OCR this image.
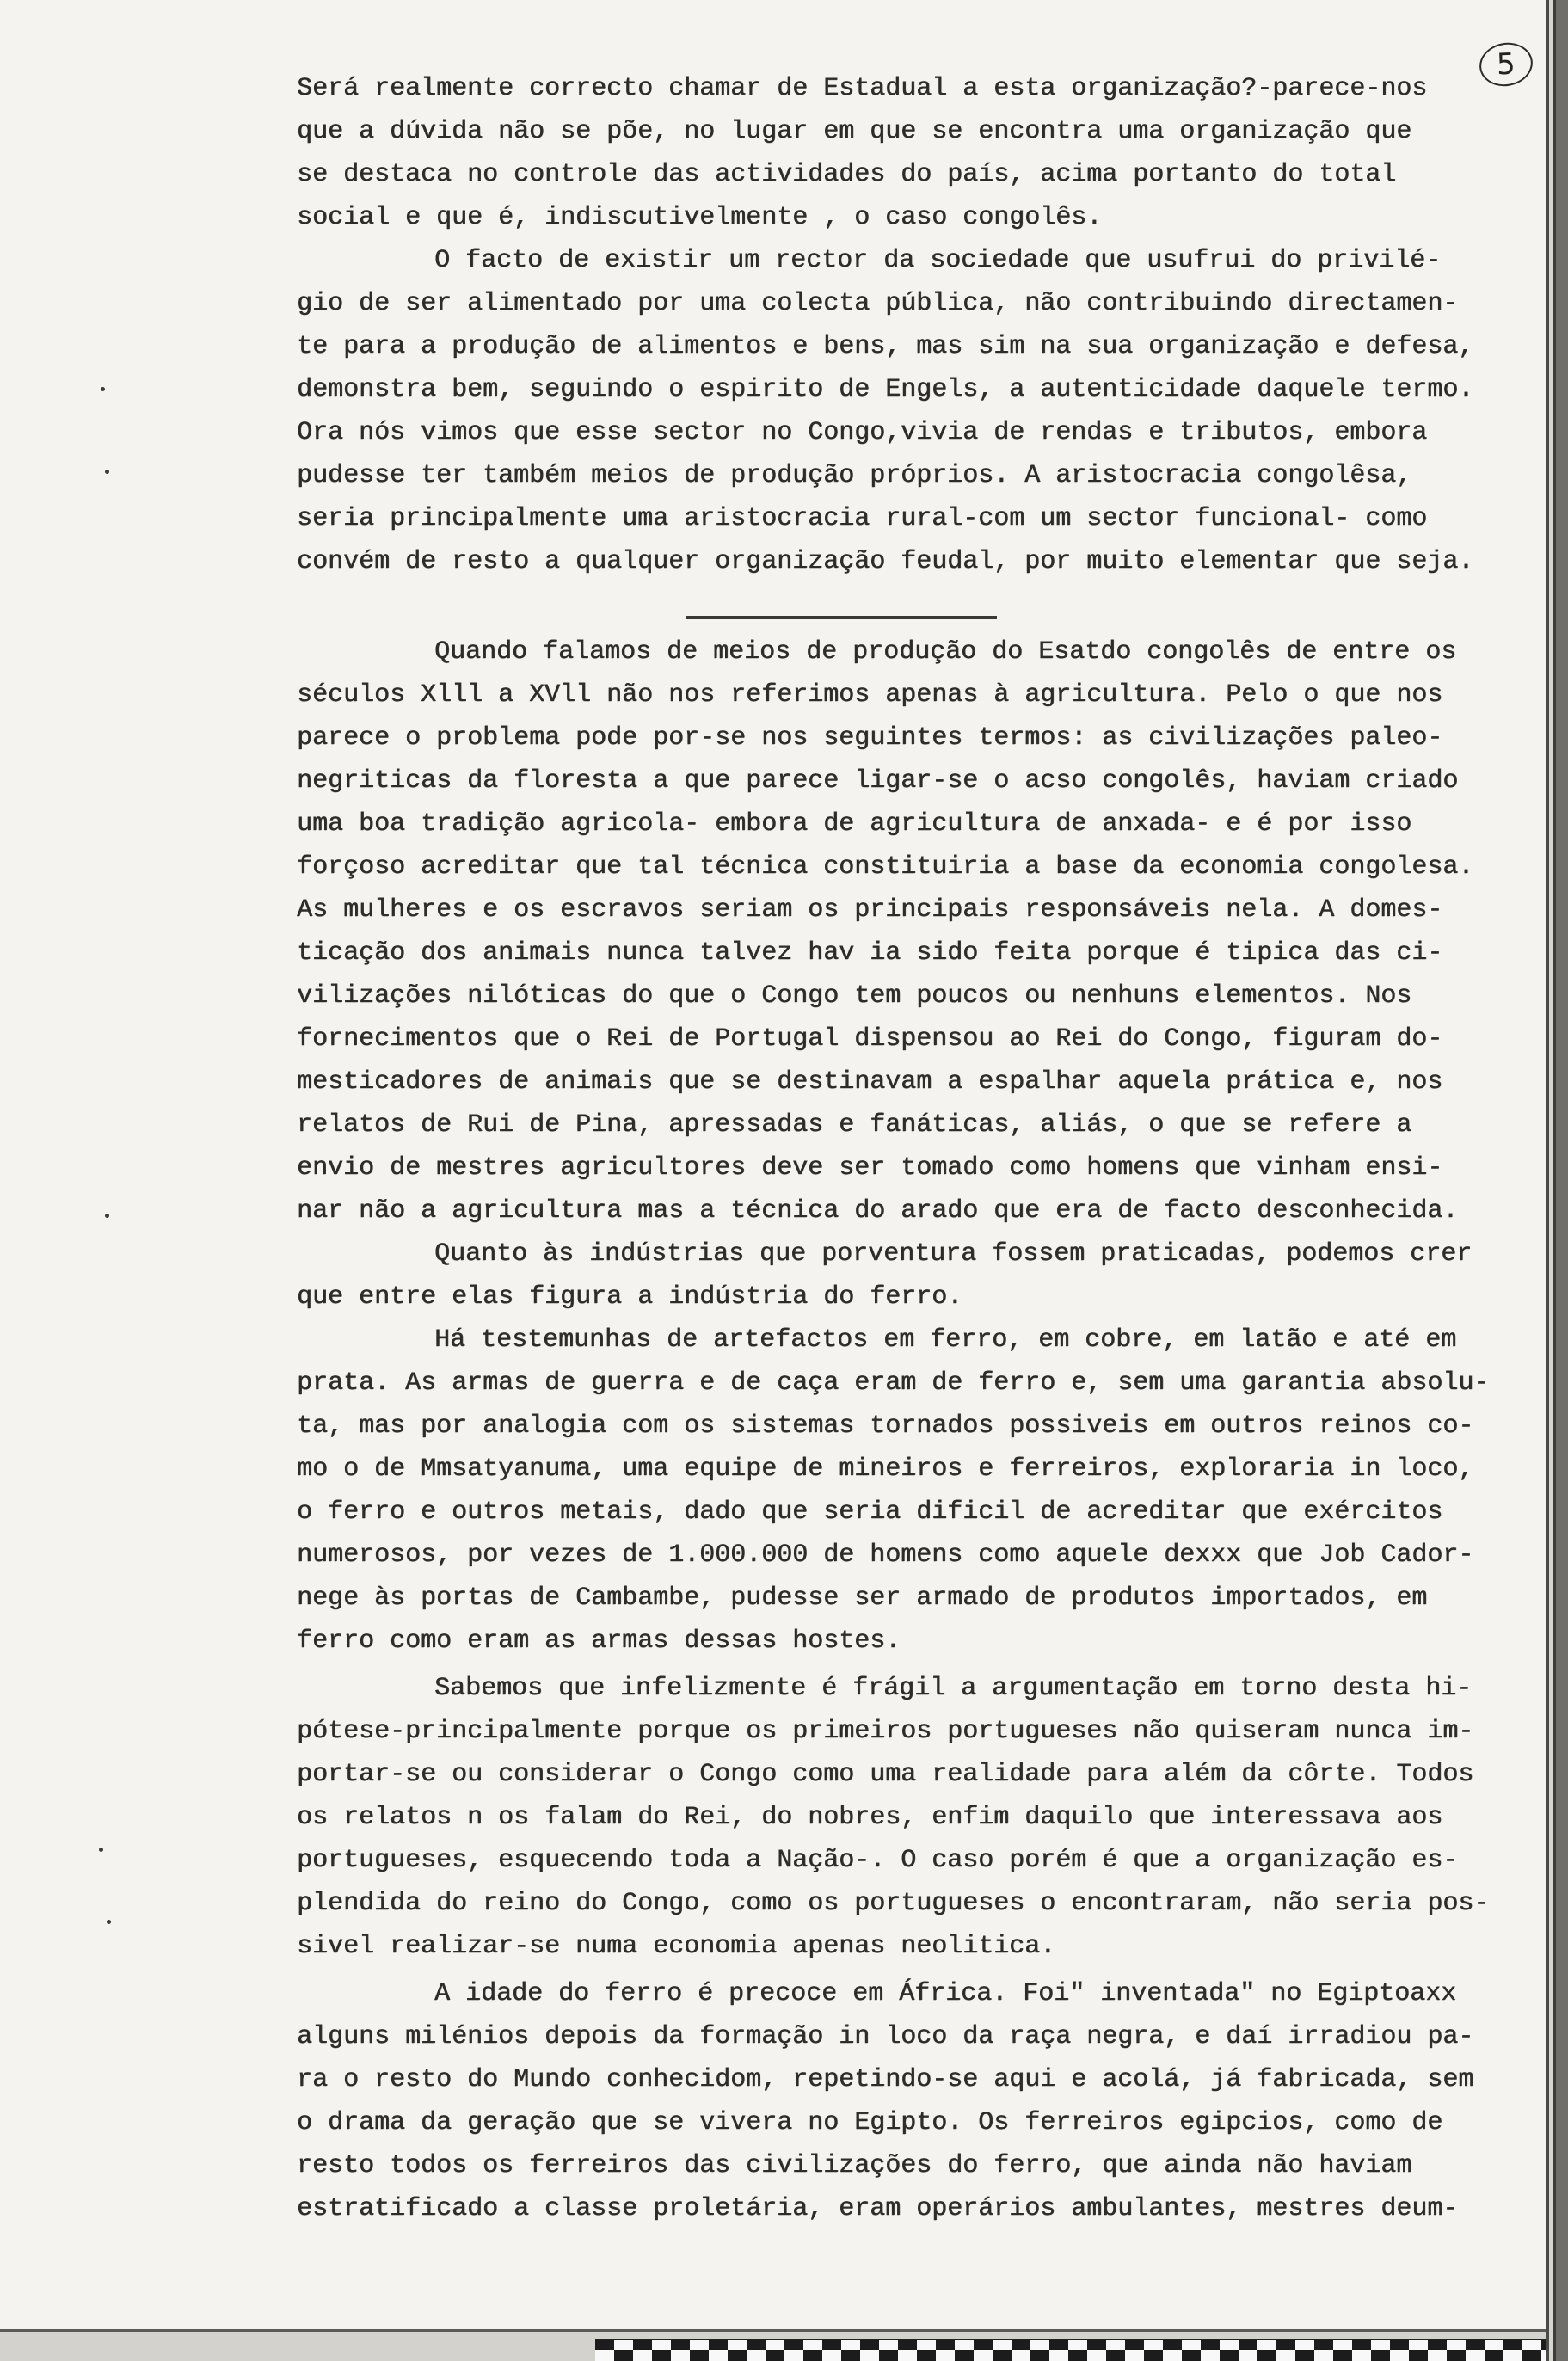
5
Será realmente correcto chamar de Estadual a esta organização?-parece-nos
que a dúvida não se põe, no lugar em que se encontra uma organização que
se destaca no controle das actividades do país, acima portanto do total
social e que é, indiscutivelmente , o caso congolês.
O facto de existir um rector da sociedade que usufrui do privilé-
gio de ser alimentado por uma colecta pública, não contribuindo directamen-
te para a produção de alimentos e bens, mas sim na sua organização e defesa,
demonstra bem, seguindo o espirito de Engels, a autenticidade daquele termo.
Ora nós vimos que esse sector no Congo,vivia de rendas e tributos, embora
pudesse ter também meios de produção próprios. A aristocracia congolêsa,
seria principalmente uma aristocracia rural-com um sector funcional- como
convém de resto a qualquer organização feudal, por muito elementar que seja.
Quando falamos de meios de produção do Esatdo congolês de entre os
séculos Xlll a XVll não nos referimos apenas à agricultura. Pelo o que nos
parece o problema pode por-se nos seguintes termos: as civilizações paleo-
negriticas da floresta a que parece ligar-se o acso congolês, haviam criado
uma boa tradição agricola- embora de agricultura de anxada- e é por isso
forçoso acreditar que tal técnica constituiria a base da economia congolesa.
As mulheres e os escravos seriam os principais responsáveis nela. A domes-
ticação dos animais nunca talvez hav ia sido feita porque é tipica das ci-
vilizações nilóticas do que o Congo tem poucos ou nenhuns elementos. Nos
fornecimentos que o Rei de Portugal dispensou ao Rei do Congo, figuram do-
mesticadores de animais que se destinavam a espalhar aquela prática e, nos
relatos de Rui de Pina, apressadas e fanáticas, aliás, o que se refere a
envio de mestres agricultores deve ser tomado como homens que vinham ensi-
nar não a agricultura mas a técnica do arado que era de facto desconhecida.
Quanto às indústrias que porventura fossem praticadas, podemos crer
que entre elas figura a indústria do ferro.
Há testemunhas de artefactos em ferro, em cobre, em latão e até em
prata. As armas de guerra e de caça eram de ferro e, sem uma garantia absolu-
ta, mas por analogia com os sistemas tornados possiveis em outros reinos co-
mo o de Mmsatyanuma, uma equipe de mineiros e ferreiros, exploraria in loco,
o ferro e outros metais, dado que seria dificil de acreditar que exércitos
numerosos, por vezes de 1.000.000 de homens como aquele dexxx que Job Cador-
nege às portas de Cambambe, pudesse ser armado de produtos importados, em
ferro como eram as armas dessas hostes.
Sabemos que infelizmente é frágil a argumentação em torno desta hi-
pótese-principalmente porque os primeiros portugueses não quiseram nunca im-
portar-se ou considerar o Congo como uma realidade para além da côrte. Todos
os relatos n os falam do Rei, do nobres, enfim daquilo que interessava aos
portugueses, esquecendo toda a Nação-. O caso porém é que a organização es-
plendida do reino do Congo, como os portugueses o encontraram, não seria pos-
sivel realizar-se numa economia apenas neolitica.
A idade do ferro é precoce em África. Foi" inventada" no Egiptoaxx
alguns milénios depois da formação in loco da raça negra, e daí irradiou pa-
ra o resto do Mundo conhecidom, repetindo-se aqui e acolá, já fabricada, sem
o drama da geração que se vivera no Egipto. Os ferreiros egipcios, como de
resto todos os ferreiros das civilizações do ferro, que ainda não haviam
estratificado a classe proletária, eram operários ambulantes, mestres deum-
